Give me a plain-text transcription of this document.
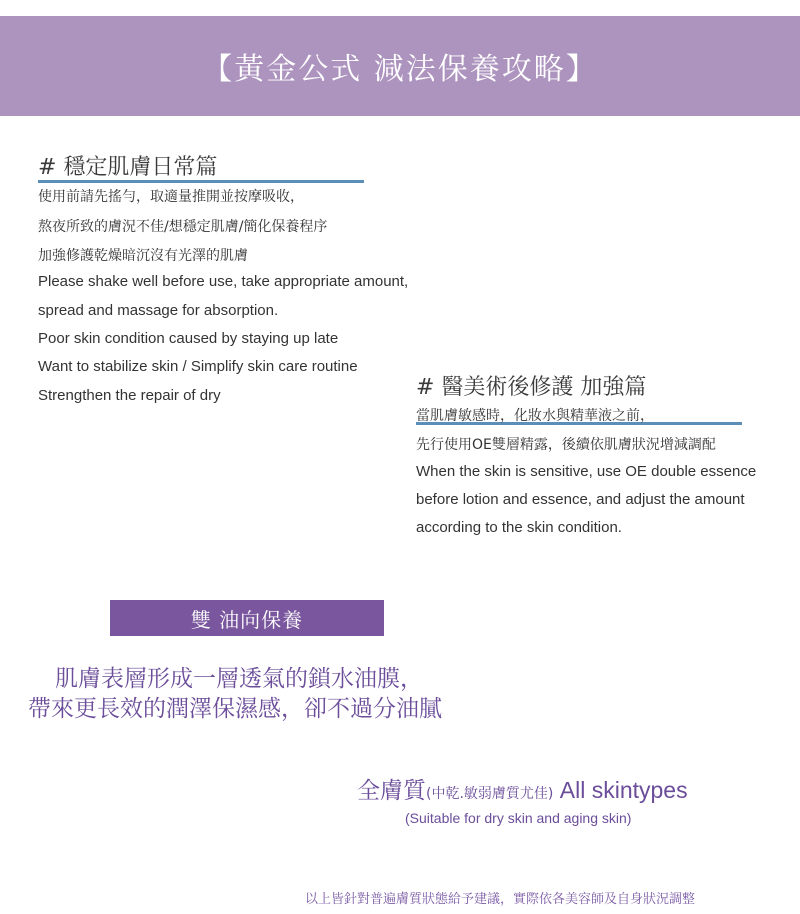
【黃金公式 減法保養攻略】
# 穩定肌膚日常篇
使用前請先搖勻，取適量推開並按摩吸收，
熬夜所致的膚況不佳/想穩定肌膚/簡化保養程序
加強修護乾燥暗沉沒有光澤的肌膚
Please shake well before use, take appropriate amount,
spread and massage for absorption.
Poor skin condition caused by staying up late
Want to stabilize skin / Simplify skin care routine
Strengthen the repair of dry	# 醫美術後修護 加強篇
當肌膚敏感時，化妝水與精華液之前，
先行使用OE雙層精露，後續依肌膚狀況增減調配
When the skin is sensitive, use OE double essence
before lotion and essence, and adjust the amount
according to the skin condition.
雙 油向保養
肌膚表層形成一層透氣的鎖水油膜，
帶來更長效的潤澤保濕感，卻不過分油膩
全膚質(中乾.敏弱膚質尤佳) All skintypes
(Suitable for dry skin and aging skin)
以上皆針對普遍膚質狀態給予建議，實際依各美容師及自身狀況調整
